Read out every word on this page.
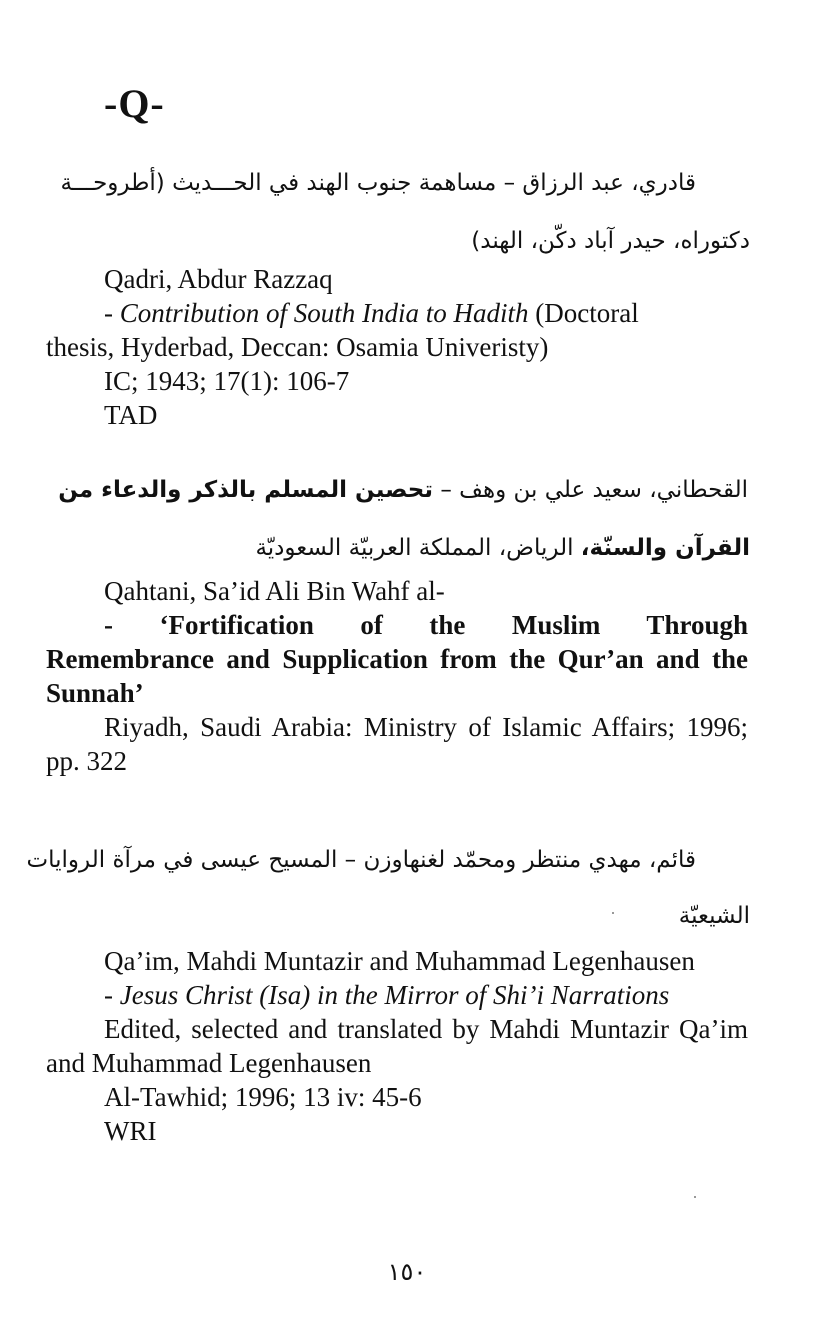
-Q-
قادري، عبد الرزاق – مساهمة جنوب الهند في الحـــديث (أطروحـــة
دكتوراه، حيدر آباد دكّن، الهند)
Qadri, Abdur Razzaq
- Contribution of South India to Hadith (Doctoral
thesis, Hyderbad, Deccan: Osamia Univeristy)
IC; 1943; 17(1): 106-7
TAD
القحطاني، سعيد علي بن وهف – تحصين المسلم بالذكر والدعاء من
القرآن والسنّة، الرياض، المملكة العربيّة السعوديّة
Qahtani, Sa’id Ali Bin Wahf al-
- ‘Fortification of the Muslim Through
Remembrance and Supplication from the Qur’an and the Sunnah’
Riyadh, Saudi Arabia: Ministry of Islamic Affairs; 1996; pp. 322
قائم، مهدي منتظر ومحمّد لغنهاوزن – المسيح عيسى في مرآة الروايات
الشيعيّة
Qa’im, Mahdi Muntazir and Muhammad Legenhausen
- Jesus Christ (Isa) in the Mirror of Shi’i Narrations
Edited, selected and translated by Mahdi Muntazir Qa’im and Muhammad Legenhausen
Al-Tawhid; 1996; 13 iv: 45-6
WRI
١٥٠
